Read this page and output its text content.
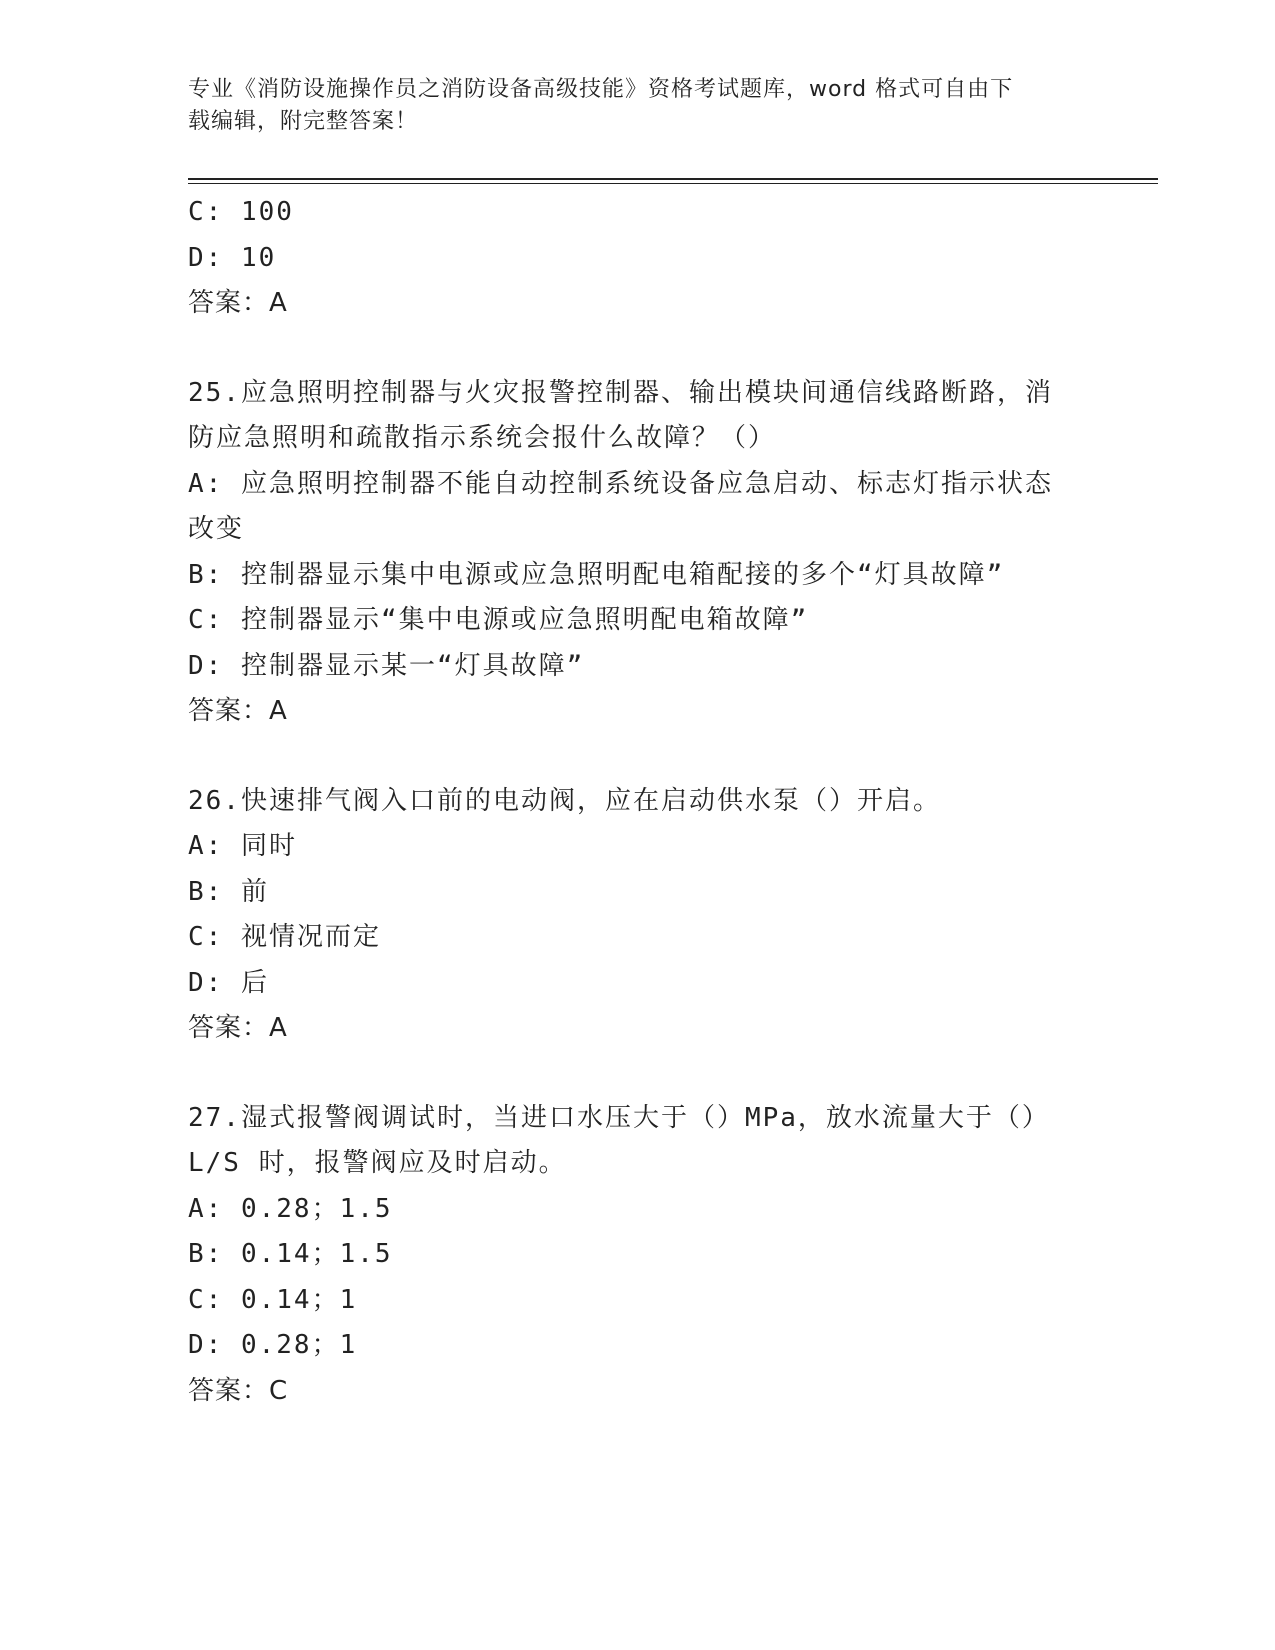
专业《消防设施操作员之消防设备高级技能》资格考试题库，word 格式可自由下
载编辑，附完整答案！
C: 100
D: 10
答案：A
25.应急照明控制器与火灾报警控制器、输出模块间通信线路断路，消
防应急照明和疏散指示系统会报什么故障？（）
A: 应急照明控制器不能自动控制系统设备应急启动、标志灯指示状态
改变
B: 控制器显示集中电源或应急照明配电箱配接的多个“灯具故障”
C: 控制器显示“集中电源或应急照明配电箱故障”
D: 控制器显示某一“灯具故障”
答案：A
26.快速排气阀入口前的电动阀，应在启动供水泵（）开启。
A: 同时
B: 前
C: 视情况而定
D: 后
答案：A
27.湿式报警阀调试时，当进口水压大于（）MPa，放水流量大于（）
L/S 时，报警阀应及时启动。
A: 0.28；1.5
B: 0.14；1.5
C: 0.14；1
D: 0.28；1
答案：C
